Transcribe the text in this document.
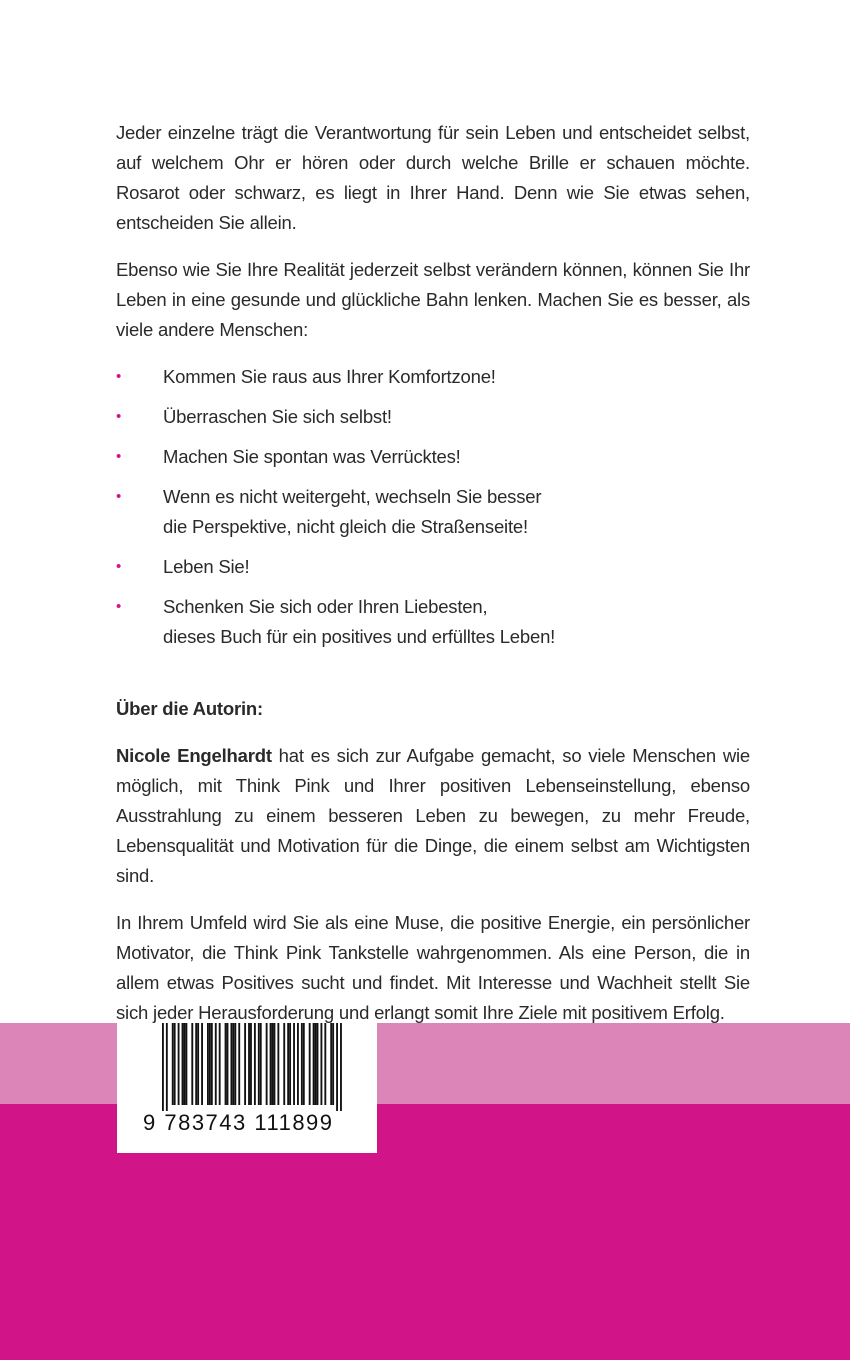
Jeder einzelne trägt die Verantwortung für sein Leben und entscheidet selbst, auf welchem Ohr er hören oder durch welche Brille er schauen möchte. Rosarot oder schwarz, es liegt in Ihrer Hand. Denn wie Sie etwas sehen, entscheiden Sie allein.

Ebenso wie Sie Ihre Realität jederzeit selbst verändern können, können Sie Ihr Leben in eine gesunde und glückliche Bahn lenken. Machen Sie es besser, als viele andere Menschen:

• Kommen Sie raus aus Ihrer Komfortzone!
• Überraschen Sie sich selbst!
• Machen Sie spontan was Verrücktes!
• Wenn es nicht weitergeht, wechseln Sie besser
die Perspektive, nicht gleich die Straßenseite!
• Leben Sie!
• Schenken Sie sich oder Ihren Liebesten,
dieses Buch für ein positives und erfülltes Leben!

Über die Autorin:

Nicole Engelhardt hat es sich zur Aufgabe gemacht, so viele Menschen wie möglich, mit Think Pink und Ihrer positiven Lebenseinstellung, ebenso Ausstrahlung zu einem besseren Leben zu bewegen, zu mehr Freude, Lebensqualität und Motivation für die Dinge, die einem selbst am Wichtigsten sind.

In Ihrem Umfeld wird Sie als eine Muse, die positive Energie, ein persönlicher Motivator, die Think Pink Tankstelle wahrgenommen. Als eine Person, die in allem etwas Positives sucht und findet. Mit Interesse und Wachheit stellt Sie sich jeder Herausforderung und erlangt somit Ihre Ziele mit positivem Erfolg.

9 783743 111899
